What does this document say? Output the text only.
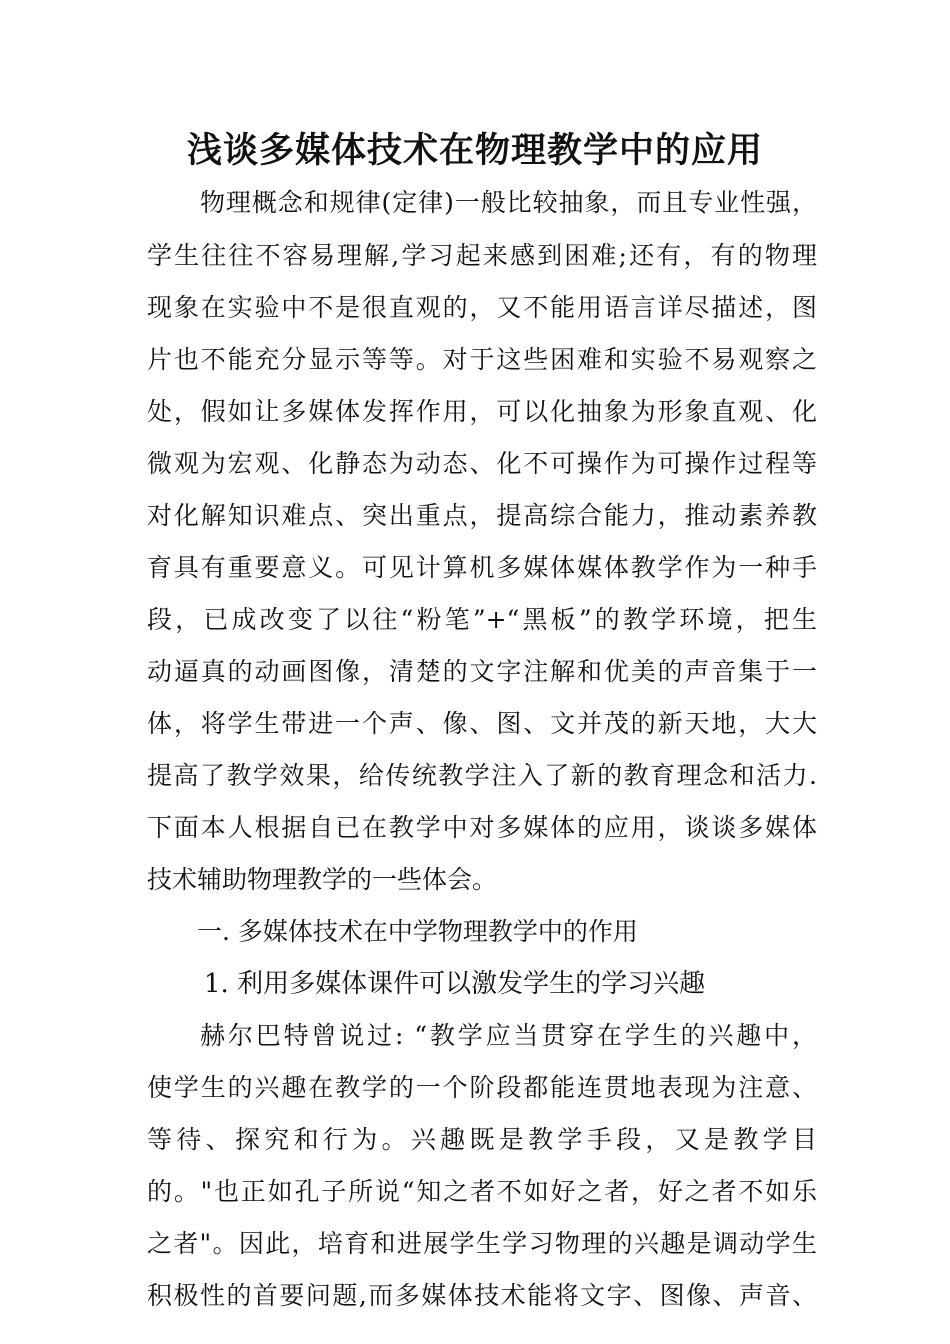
浅谈多媒体技术在物理教学中的应用
物理概念和规律(定律)一般比较抽象，而且专业性强，
学生往往不容易理解,学习起来感到困难;还有，有的物理
现象在实验中不是很直观的，又不能用语言详尽描述，图
片也不能充分显示等等。对于这些困难和实验不易观察之
处，假如让多媒体发挥作用，可以化抽象为形象直观、化
微观为宏观、化静态为动态、化不可操作为可操作过程等
对化解知识难点、突出重点，提高综合能力，推动素养教
育具有重要意义。可见计算机多媒体媒体教学作为一种手
段，已成改变了以往“粉笔”+“黑板”的教学环境，把生
动逼真的动画图像，清楚的文字注解和优美的声音集于一
体，将学生带进一个声、像、图、文并茂的新天地，大大
提高了教学效果，给传统教学注入了新的教育理念和活力.
下面本人根据自已在教学中对多媒体的应用，谈谈多媒体
技术辅助物理教学的一些体会。
一. 多媒体技术在中学物理教学中的作用
1. 利用多媒体课件可以激发学生的学习兴趣
赫尔巴特曾说过: “教学应当贯穿在学生的兴趣中，
使学生的兴趣在教学的一个阶段都能连贯地表现为注意、
等待、探究和行为。兴趣既是教学手段，又是教学目
的。"也正如孔子所说“知之者不如好之者，好之者不如乐
之者"。因此，培育和进展学生学习物理的兴趣是调动学生
积极性的首要问题,而多媒体技术能将文字、图像、声音、
